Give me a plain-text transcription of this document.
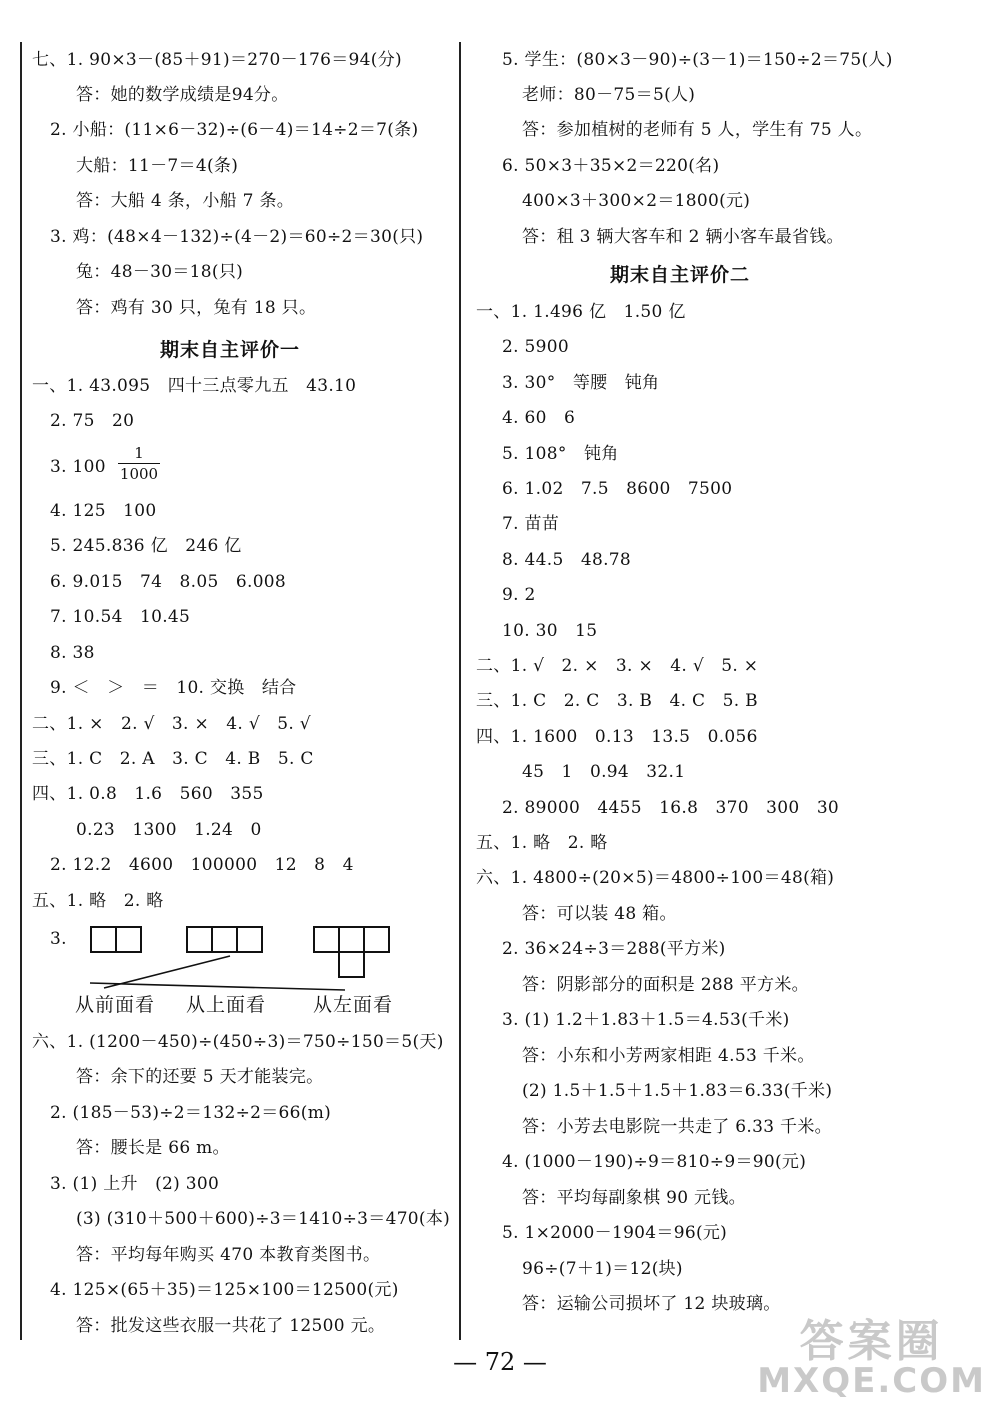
七、1. 90×3－(85＋91)＝270－176＝94(分)
答：她的数学成绩是94分。
2. 小船：(11×6－32)÷(6－4)＝14÷2＝7(条)
大船：11－7＝4(条)
答：大船 4 条，小船 7 条。
3. 鸡：(48×4－132)÷(4－2)＝60÷2＝30(只)
兔：48－30＝18(只)
答：鸡有 30 只，兔有 18 只。
期末自主评价一
一、1. 43.095　四十三点零九五　43.10
2. 75　20
3. 100
1
1000
4. 125　100
5. 245.836 亿　246 亿
6. 9.015　74　8.05　6.008
7. 10.54　10.45
8. 38
9. ＜　＞　＝　10. 交换　结合
二、1. ×　2. √　3. ×　4. √　5. √
三、1. C　2. A　3. C　4. B　5. C
四、1. 0.8　1.6　560　355
0.23　1300　1.24　0
2. 12.2　4600　100000　12　8　4
五、1. 略　2. 略
3.
从前面看 从上面看 从左面看
六、1. (1200－450)÷(450÷3)＝750÷150＝5(天)
答：余下的还要 5 天才能装完。
2. (185－53)÷2＝132÷2＝66(m)
答：腰长是 66 m。
3. (1) 上升　(2) 300
(3) (310＋500＋600)÷3＝1410÷3＝470(本)
答：平均每年购买 470 本教育类图书。
4. 125×(65＋35)＝125×100＝12500(元)
答：批发这些衣服一共花了 12500 元。
5. 学生：(80×3－90)÷(3－1)＝150÷2＝75(人)
老师：80－75＝5(人)
答：参加植树的老师有 5 人，学生有 75 人。
6. 50×3＋35×2＝220(名)
400×3＋300×2＝1800(元)
答：租 3 辆大客车和 2 辆小客车最省钱。
期末自主评价二
一、1. 1.496 亿　1.50 亿
2. 5900
3. 30°　等腰　钝角
4. 60　6
5. 108°　钝角
6. 1.02　7.5　8600　7500
7. 苗苗
8. 44.5　48.78
9. 2
10. 30　15
二、1. √　2. ×　3. ×　4. √　5. ×
三、1. C　2. C　3. B　4. C　5. B
四、1. 1600　0.13　13.5　0.056
45　1　0.94　32.1
2. 89000　4455　16.8　370　300　30
五、1. 略　2. 略
六、1. 4800÷(20×5)＝4800÷100＝48(箱)
答：可以装 48 箱。
2. 36×24÷3＝288(平方米)
答：阴影部分的面积是 288 平方米。
3. (1) 1.2＋1.83＋1.5＝4.53(千米)
答：小东和小芳两家相距 4.53 千米。
(2) 1.5＋1.5＋1.5＋1.83＝6.33(千米)
答：小芳去电影院一共走了 6.33 千米。
4. (1000－190)÷9＝810÷9＝90(元)
答：平均每副象棋 90 元钱。
5. 1×2000－1904＝96(元)
96÷(7＋1)＝12(块)
答：运输公司损坏了 12 块玻璃。
— 72 —	答案圈
MXQE.COM
